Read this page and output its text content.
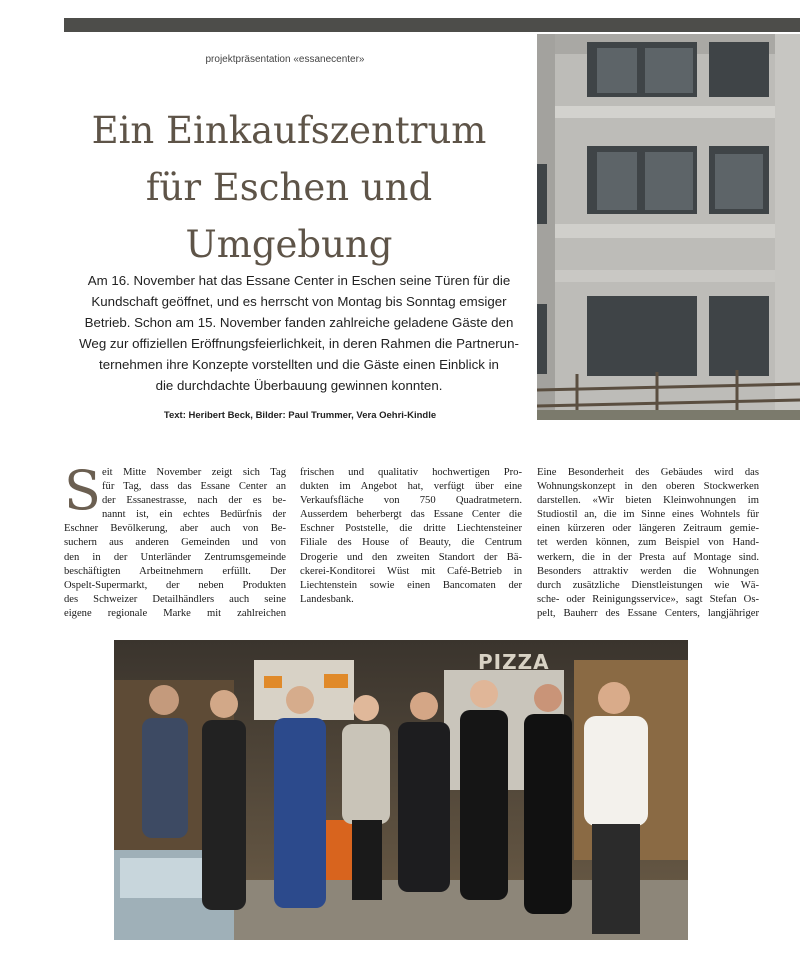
projektpräsentation «essanecenter»
Ein Einkaufszentrum
für Eschen und
Umgebung

Am 16. November hat das Essane Center in Eschen seine Türen für die
Kundschaft geöffnet, und es herrscht von Montag bis Sonntag emsiger
Betrieb. Schon am 15. November fanden zahlreiche geladene Gäste den
Weg zur offiziellen Eröffnungsfeierlichkeit, in deren Rahmen die Partnerun-
ternehmen ihre Konzepte vorstellten und die Gäste einen Einblick in
die durchdachte Überbauung gewinnen konnten.

Text: Heribert Beck, Bilder: Paul Trummer, Vera Oehri-Kindle
S eit Mitte November zeigt sich Tag
für Tag, dass das Essane Center an
der Essanestrasse, nach der es be-
nannt ist, ein echtes Bedürfnis der
Eschner Bevölkerung, aber auch von Be-
suchern aus anderen Gemeinden und von
den in der Unterländer Zentrumsgemeinde
beschäftigten Arbeitnehmern erfüllt. Der
Ospelt-Supermarkt, der neben Produkten
des Schweizer Detailhändlers auch seine
eigene regionale Marke mit zahlreichen
frischen und qualitativ hochwertigen Pro-
dukten im Angebot hat, verfügt über eine
Verkaufsfläche von 750 Quadratmetern.
Ausserdem beherbergt das Essane Center die
Eschner Poststelle, die dritte Liechtensteiner
Filiale des House of Beauty, die Centrum
Drogerie und den zweiten Standort der Bä-
ckerei-Konditorei Wüst mit Café-Betrieb in
Liechtenstein sowie einen Bancomaten der
Landesbank.
Eine Besonderheit des Gebäudes wird das
Wohnungskonzept in den oberen Stockwerken
darstellen. «Wir bieten Kleinwohnungen im
Studiostil an, die im Sinne eines Wohntels für
einen kürzeren oder längeren Zeitraum gemie-
tet werden können, zum Beispiel von Hand-
werkern, die in der Presta auf Montage sind.
Besonders attraktiv werden die Wohnungen
durch zusätzliche Dienstleistungen wie Wä-
sche- oder Reinigungsservice», sagt Stefan Os-
pelt, Bauherr des Essane Centers, langjähriger
PIZZA
